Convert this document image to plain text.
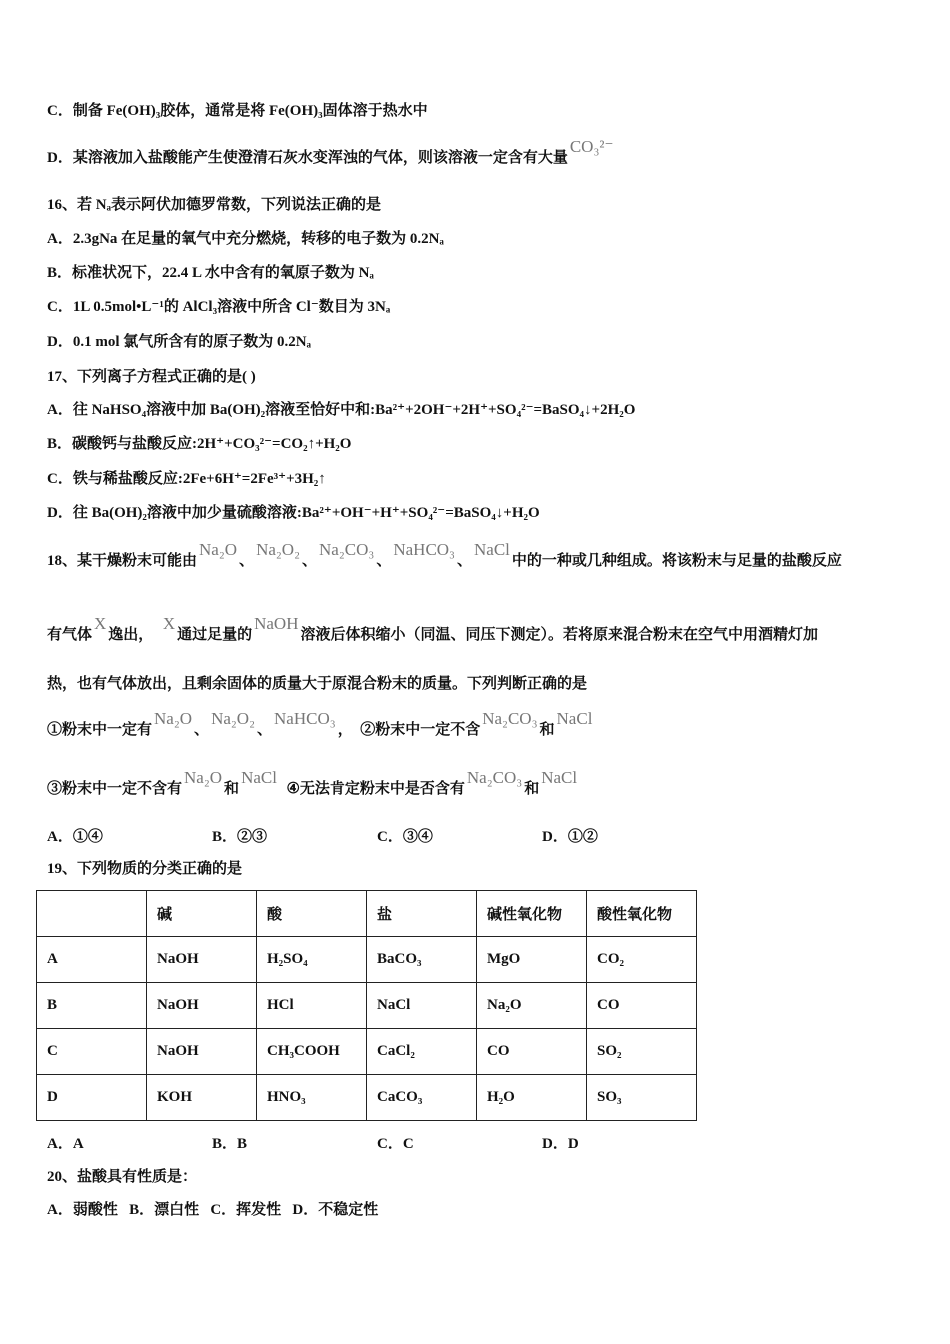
C．制备 Fe(OH)₃胶体，通常是将 Fe(OH)₃固体溶于热水中
D．某溶液加入盐酸能产生使澄清石灰水变浑浊的气体，则该溶液一定含有大量CO₃²⁻
16、若 Nₐ表示阿伏加德罗常数，下列说法正确的是
A．2.3gNa 在足量的氧气中充分燃烧，转移的电子数为 0.2Nₐ
B．标准状况下，22.4 L 水中含有的氧原子数为 Nₐ
C．1L 0.5mol•L⁻¹的 AlCl₃溶液中所含 Cl⁻数目为 3Nₐ
D．0.1 mol 氯气所含有的原子数为 0.2Nₐ
17、下列离子方程式正确的是( )
A．往 NaHSO₄溶液中加 Ba(OH)₂溶液至恰好中和:Ba²⁺+2OH⁻+2H⁺+SO₄²⁻=BaSO₄↓+2H₂O
B．碳酸钙与盐酸反应:2H⁺+CO₃²⁻=CO₂↑+H₂O
C．铁与稀盐酸反应:2Fe+6H⁺=2Fe³⁺+3H₂↑
D．往 Ba(OH)₂溶液中加少量硫酸溶液:Ba²⁺+OH⁻+H⁺+SO₄²⁻=BaSO₄↓+H₂O
18、某干燥粉末可能由Na₂O、Na₂O₂、Na₂CO₃、NaHCO₃、NaCl中的一种或几种组成。将该粉末与足量的盐酸反应
有气体X逸出，  X通过足量的NaOH溶液后体积缩小（同温、同压下测定）。若将原来混合粉末在空气中用酒精灯加
热，也有气体放出，且剩余固体的质量大于原混合粉末的质量。下列判断正确的是
①粉末中一定有Na₂O、Na₂O₂、NaHCO₃， ②粉末中一定不含Na₂CO₃和NaCl
③粉末中一定不含有Na₂O和NaCl  ④无法肯定粉末中是否含有Na₂CO₃和NaCl
A．①④	B．②③	C．③④	D．①②
19、下列物质的分类正确的是
	碱	酸	盐	碱性氧化物	酸性氧化物
A	NaOH	H₂SO₄	BaCO₃	MgO	CO₂
B	NaOH	HCl	NaCl	Na₂O	CO
C	NaOH	CH₃COOH	CaCl₂	CO	SO₂
D	KOH	HNO₃	CaCO₃	H₂O	SO₃
A．A	B．B	C．C	D．D
20、盐酸具有性质是：
A．弱酸性   B．漂白性   C．挥发性   D．不稳定性
